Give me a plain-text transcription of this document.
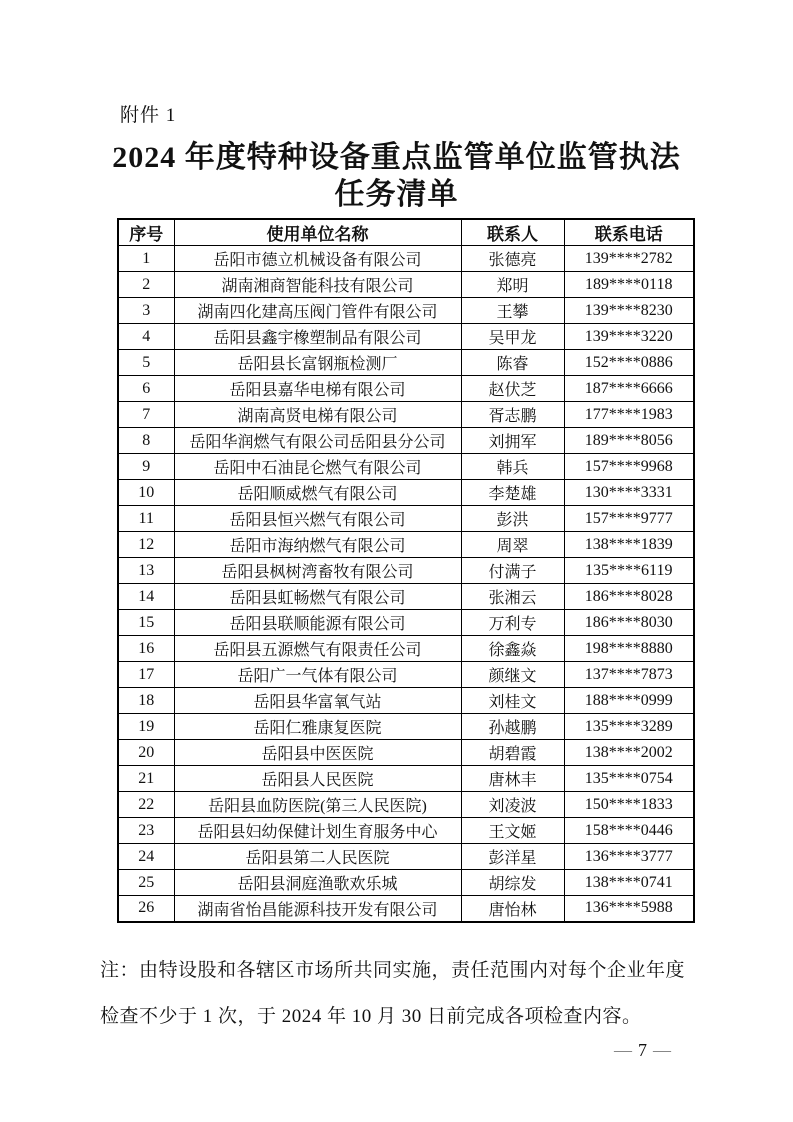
附件 1
2024 年度特种设备重点监管单位监管执法
任务清单
序号	使用单位名称	联系人	联系电话
1	岳阳市德立机械设备有限公司	张德亮	139****2782
2	湖南湘商智能科技有限公司	郑明	189****0118
3	湖南四化建高压阀门管件有限公司	王攀	139****8230
4	岳阳县鑫宇橡塑制品有限公司	吴甲龙	139****3220
5	岳阳县长富钢瓶检测厂	陈睿	152****0886
6	岳阳县嘉华电梯有限公司	赵伏芝	187****6666
7	湖南高贤电梯有限公司	胥志鹏	177****1983
8	岳阳华润燃气有限公司岳阳县分公司	刘拥军	189****8056
9	岳阳中石油昆仑燃气有限公司	韩兵	157****9968
10	岳阳顺威燃气有限公司	李楚雄	130****3331
11	岳阳县恒兴燃气有限公司	彭洪	157****9777
12	岳阳市海纳燃气有限公司	周翠	138****1839
13	岳阳县枫树湾畜牧有限公司	付满子	135****6119
14	岳阳县虹畅燃气有限公司	张湘云	186****8028
15	岳阳县联顺能源有限公司	万利专	186****8030
16	岳阳县五源燃气有限责任公司	徐鑫焱	198****8880
17	岳阳广一气体有限公司	颜继文	137****7873
18	岳阳县华富氧气站	刘桂文	188****0999
19	岳阳仁雅康复医院	孙越鹏	135****3289
20	岳阳县中医医院	胡碧霞	138****2002
21	岳阳县人民医院	唐林丰	135****0754
22	岳阳县血防医院(第三人民医院)	刘凌波	150****1833
23	岳阳县妇幼保健计划生育服务中心	王文姬	158****0446
24	岳阳县第二人民医院	彭洋星	136****3777
25	岳阳县洞庭渔歌欢乐城	胡综发	138****0741
26	湖南省怡昌能源科技开发有限公司	唐怡林	136****5988
注：由特设股和各辖区市场所共同实施，责任范围内对每个企业年度
检查不少于 1 次，于 2024 年 10 月 30 日前完成各项检查内容。
— 7 —
